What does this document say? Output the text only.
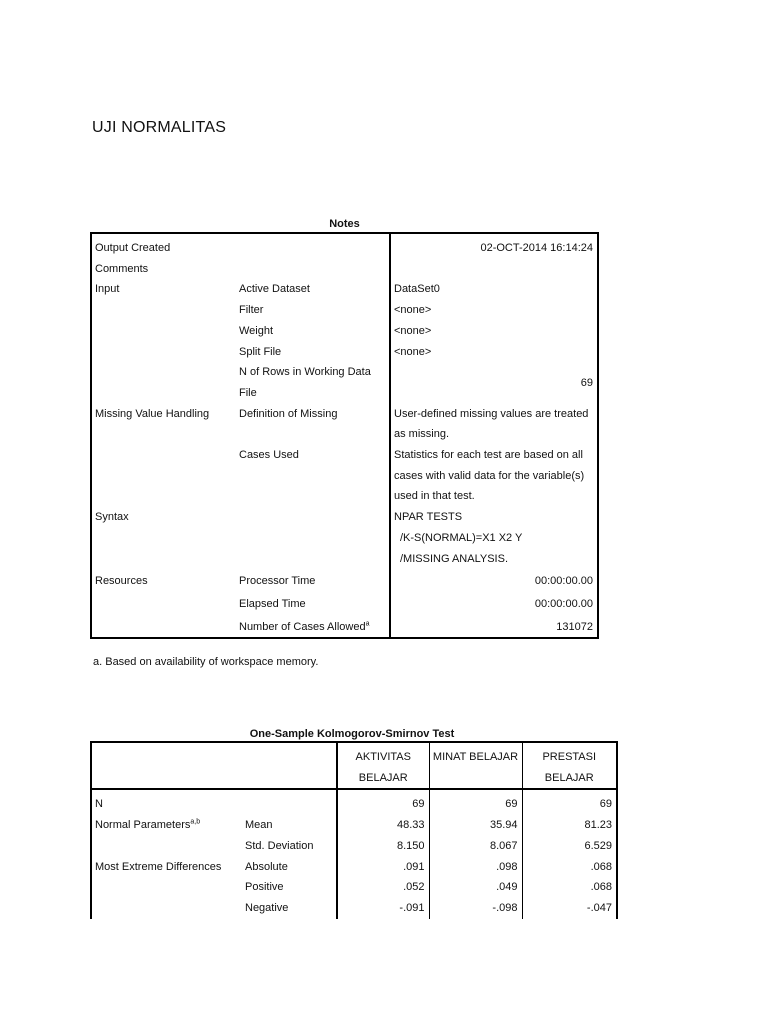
UJI NORMALITAS
Notes
Output Created		02-OCT-2014 16:14:24
Comments		
Input	Active Dataset	DataSet0
	Filter	<none>
	Weight	<none>
	Split File	<none>
	N of Rows in Working Data File	69
Missing Value Handling	Definition of Missing	User-defined missing values are treated as missing.
	Cases Used	Statistics for each test are based on all cases with valid data for the variable(s) used in that test.
Syntax		NPAR TESTS
/K-S(NORMAL)=X1 X2 Y
/MISSING ANALYSIS.

Resources	Processor Time	00:00:00.00
	Elapsed Time	00:00:00.00
	Number of Cases Allowed$^a$	131072
a. Based on availability of workspace memory.
One-Sample Kolmogorov-Smirnov Test
		AKTIVITAS BELAJAR	MINAT BELAJAR	PRESTASI BELAJAR
N		69	69	69
Normal Parameters$^{a,b}$	Mean	48.33	35.94	81.23
	Std. Deviation	8.150	8.067	6.529
Most Extreme Differences	Absolute	.091	.098	.068
	Positive	.052	.049	.068
	Negative	-.091	-.098	-.047
